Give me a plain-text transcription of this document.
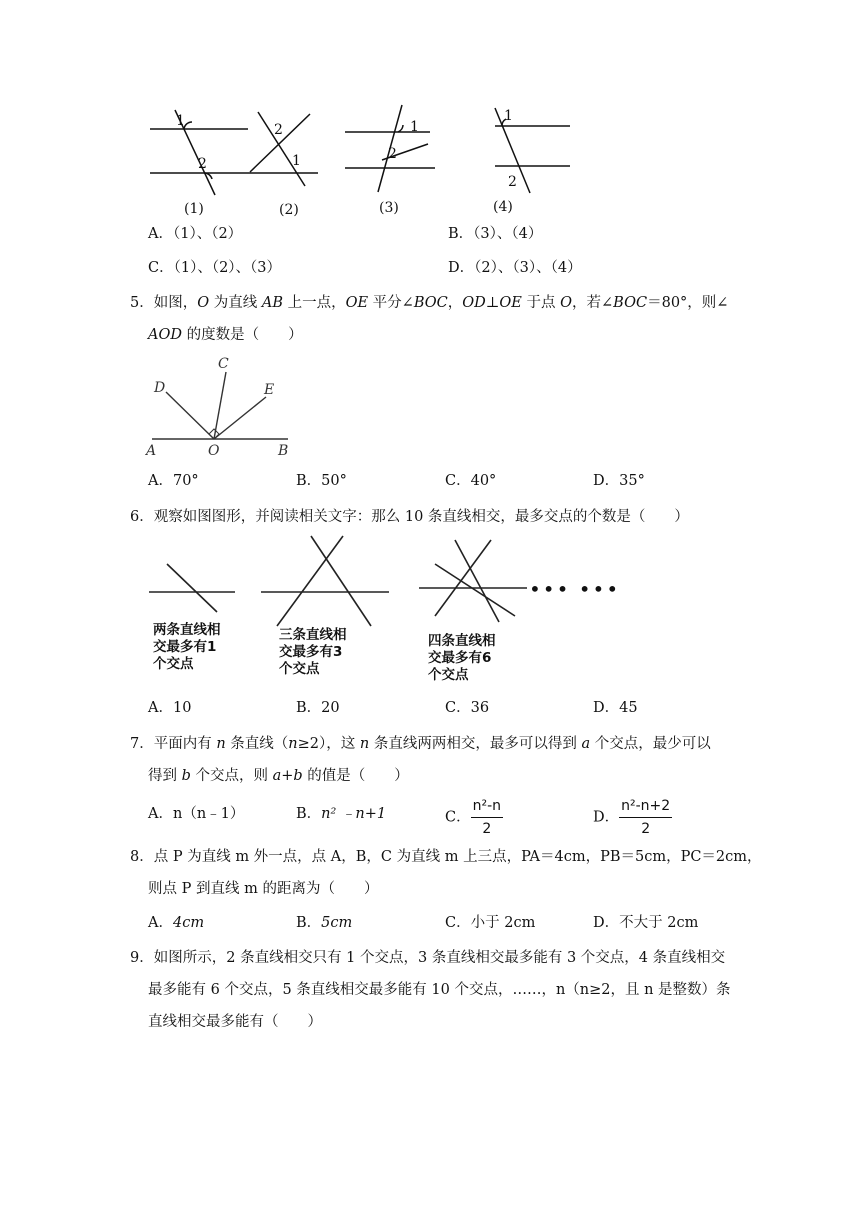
1
2
2
1
1
2
1
2
(1)	(2)	(3)	(4)
A．（1）、（2）	B．（3）、（4）
C．（1）、（2）、（3）	D．（2）、（3）、（4）
5．如图，O 为直线 AB 上一点，OE 平分∠BOC，OD⊥OE 于点 O，若∠BOC＝80°，则∠
AOD 的度数是（　　）
C
D	E
A	O	B
A．70°	B．50°	C．40°	D．35°
6．观察如图图形，并阅读相关文字：那么 10 条直线相交，最多交点的个数是（　　）
••• •••
两条直线相
交最多有1
个交点
三条直线相
交最多有3
个交点
四条直线相
交最多有6
个交点
A．10	B．20	C．36	D．45
7．平面内有 n 条直线（n≥2），这 n 条直线两两相交，最多可以得到 a 个交点，最少可以
得到 b 个交点，则 a+b 的值是（　　）
A．n（n﹣1）	B．n² ﹣n+1	C． $\frac{\text{n²-n}}{2}$	D． $\frac{\text{n²-n+2}}{2}$
8．点 P 为直线 m 外一点，点 A，B，C 为直线 m 上三点，PA＝4cm，PB＝5cm，PC＝2cm，
则点 P 到直线 m 的距离为（　　）
A．4cm	B．5cm	C．小于 2cm	D．不大于 2cm
9．如图所示，2 条直线相交只有 1 个交点，3 条直线相交最多能有 3 个交点，4 条直线相交
最多能有 6 个交点，5 条直线相交最多能有 10 个交点，……，n（n≥2，且 n 是整数）条
直线相交最多能有（　　）
